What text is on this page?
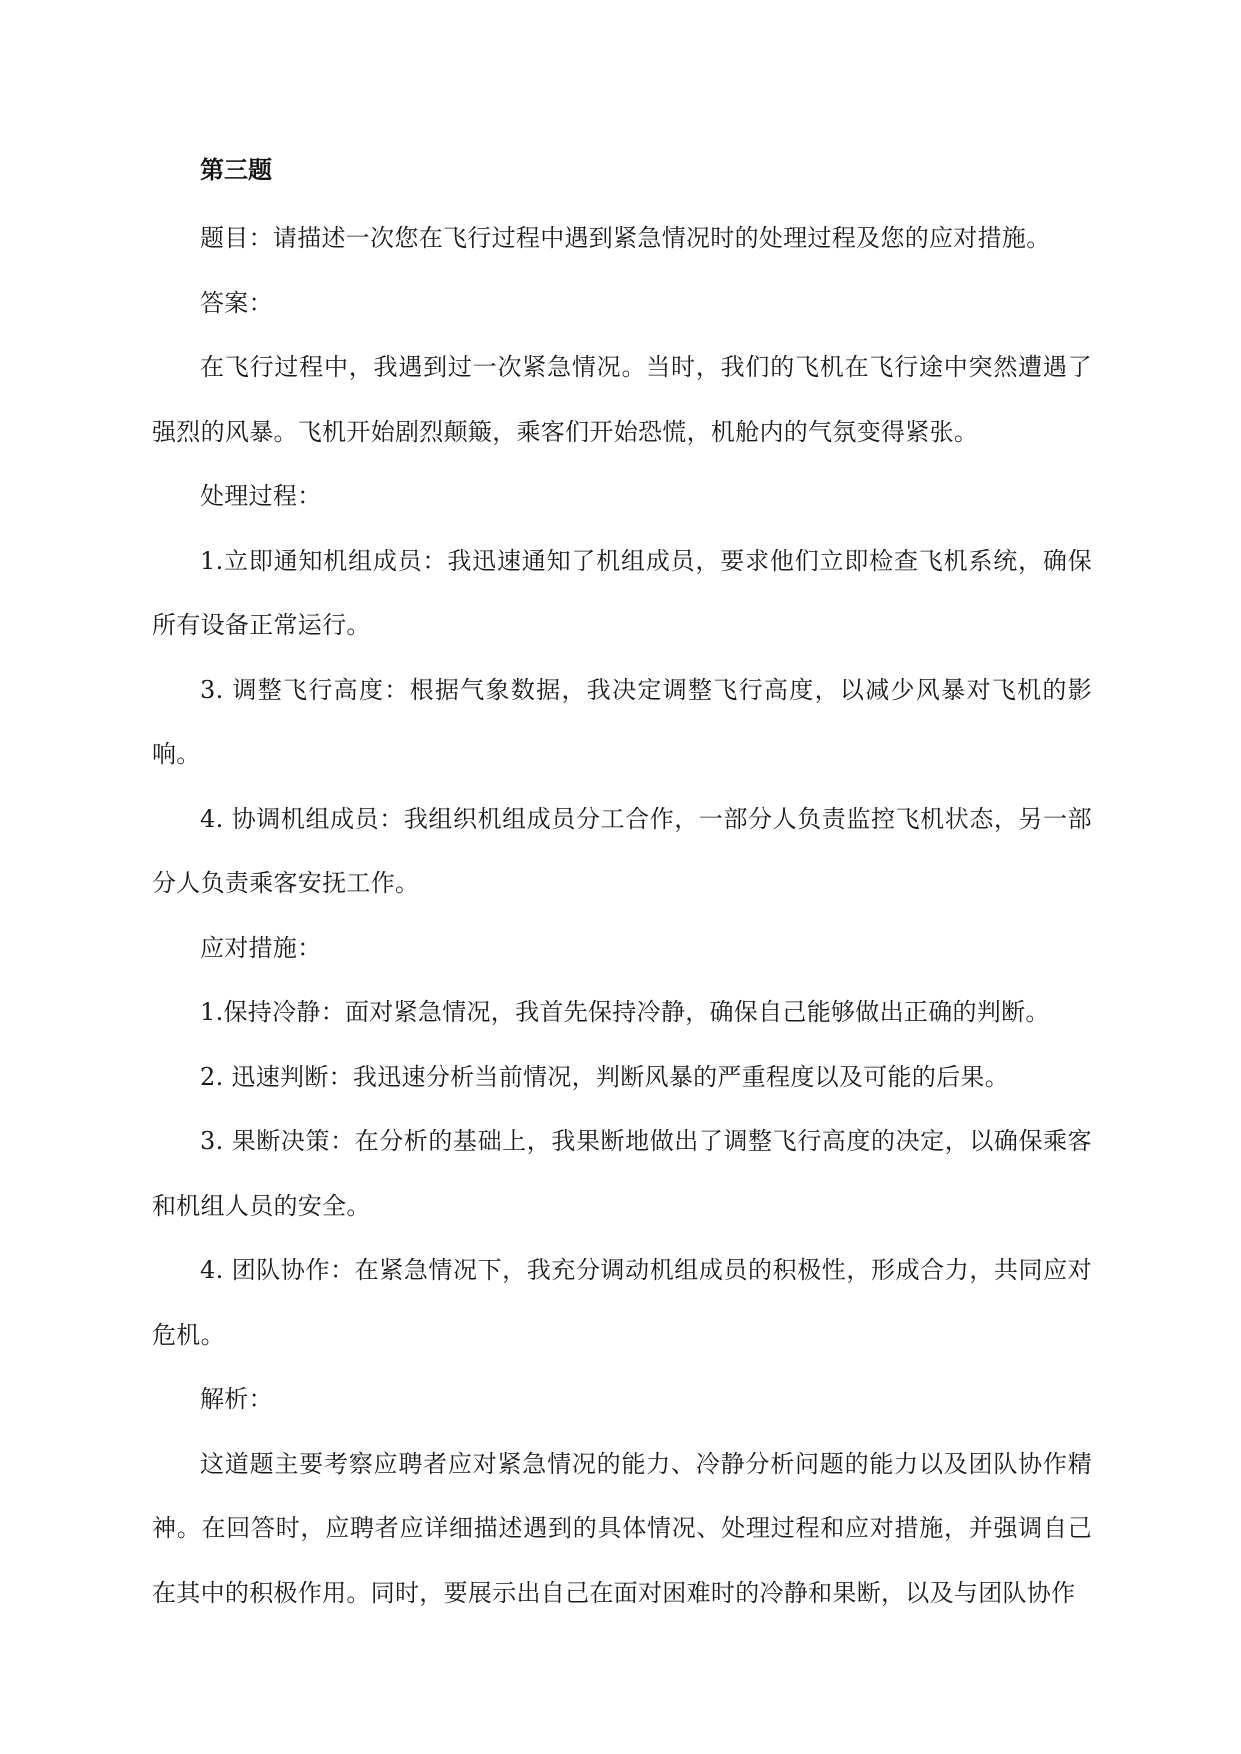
第三题

题目：请描述一次您在飞行过程中遇到紧急情况时的处理过程及您的应对措施。

答案：

在飞行过程中，我遇到过一次紧急情况。当时，我们的飞机在飞行途中突然遭遇了强烈的风暴。飞机开始剧烈颠簸，乘客们开始恐慌，机舱内的气氛变得紧张。

处理过程：

1.立即通知机组成员：我迅速通知了机组成员，要求他们立即检查飞机系统，确保所有设备正常运行。

3. 调整飞行高度：根据气象数据，我决定调整飞行高度，以减少风暴对飞机的影响。

4. 协调机组成员：我组织机组成员分工合作，一部分人负责监控飞机状态，另一部分人负责乘客安抚工作。

应对措施：

1.保持冷静：面对紧急情况，我首先保持冷静，确保自己能够做出正确的判断。

2. 迅速判断：我迅速分析当前情况，判断风暴的严重程度以及可能的后果。

3. 果断决策：在分析的基础上，我果断地做出了调整飞行高度的决定，以确保乘客和机组人员的安全。

4. 团队协作：在紧急情况下，我充分调动机组成员的积极性，形成合力，共同应对危机。

解析：

这道题主要考察应聘者应对紧急情况的能力、冷静分析问题的能力以及团队协作精神。在回答时，应聘者应详细描述遇到的具体情况、处理过程和应对措施，并强调自己在其中的积极作用。同时，要展示出自己在面对困难时的冷静和果断，以及与团队协作
